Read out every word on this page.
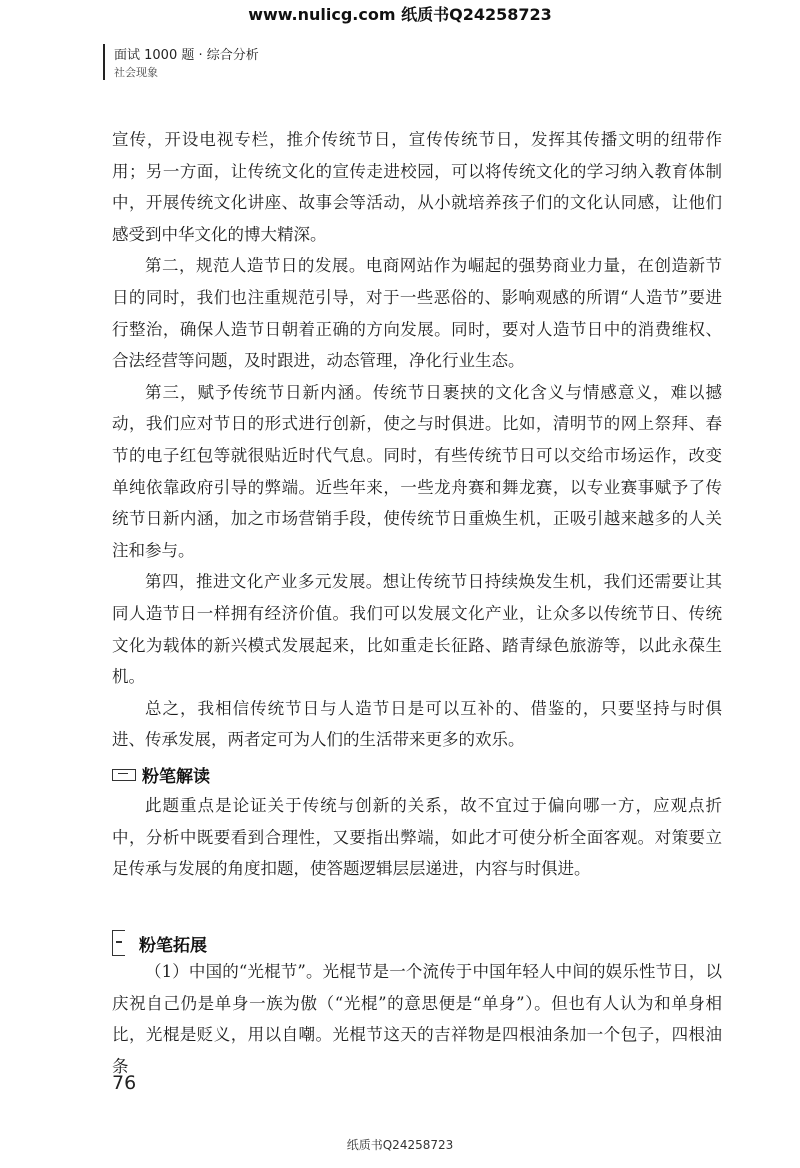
www.nulicg.com 纸质书Q24258723
面试 1000 题 · 综合分析
社会现象

宣传，开设电视专栏，推介传统节日，宣传传统节日，发挥其传播文明的纽带作用；另一方面，让传统文化的宣传走进校园，可以将传统文化的学习纳入教育体制中，开展传统文化讲座、故事会等活动，从小就培养孩子们的文化认同感，让他们感受到中华文化的博大精深。

第二，规范人造节日的发展。电商网站作为崛起的强势商业力量，在创造新节日的同时，我们也注重规范引导，对于一些恶俗的、影响观感的所谓“人造节”要进行整治，确保人造节日朝着正确的方向发展。同时，要对人造节日中的消费维权、合法经营等问题，及时跟进，动态管理，净化行业生态。

第三，赋予传统节日新内涵。传统节日裹挟的文化含义与情感意义，难以撼动，我们应对节日的形式进行创新，使之与时俱进。比如，清明节的网上祭拜、春节的电子红包等就很贴近时代气息。同时，有些传统节日可以交给市场运作，改变单纯依靠政府引导的弊端。近些年来，一些龙舟赛和舞龙赛，以专业赛事赋予了传统节日新内涵，加之市场营销手段，使传统节日重焕生机，正吸引越来越多的人关注和参与。

第四，推进文化产业多元发展。想让传统节日持续焕发生机，我们还需要让其同人造节日一样拥有经济价值。我们可以发展文化产业，让众多以传统节日、传统文化为载体的新兴模式发展起来，比如重走长征路、踏青绿色旅游等，以此永葆生机。

总之，我相信传统节日与人造节日是可以互补的、借鉴的，只要坚持与时俱进、传承发展，两者定可为人们的生活带来更多的欢乐。

粉笔解读

此题重点是论证关于传统与创新的关系，故不宜过于偏向哪一方，应观点折中，分析中既要看到合理性，又要指出弊端，如此才可使分析全面客观。对策要立足传承与发展的角度扣题，使答题逻辑层层递进，内容与时俱进。

粉笔拓展

（1）中国的“光棍节”。光棍节是一个流传于中国年轻人中间的娱乐性节日，以庆祝自己仍是单身一族为傲（“光棍”的意思便是“单身”）。但也有人认为和单身相比，光棍是贬义，用以自嘲。光棍节这天的吉祥物是四根油条加一个包子，四根油条

76
纸质书Q24258723
